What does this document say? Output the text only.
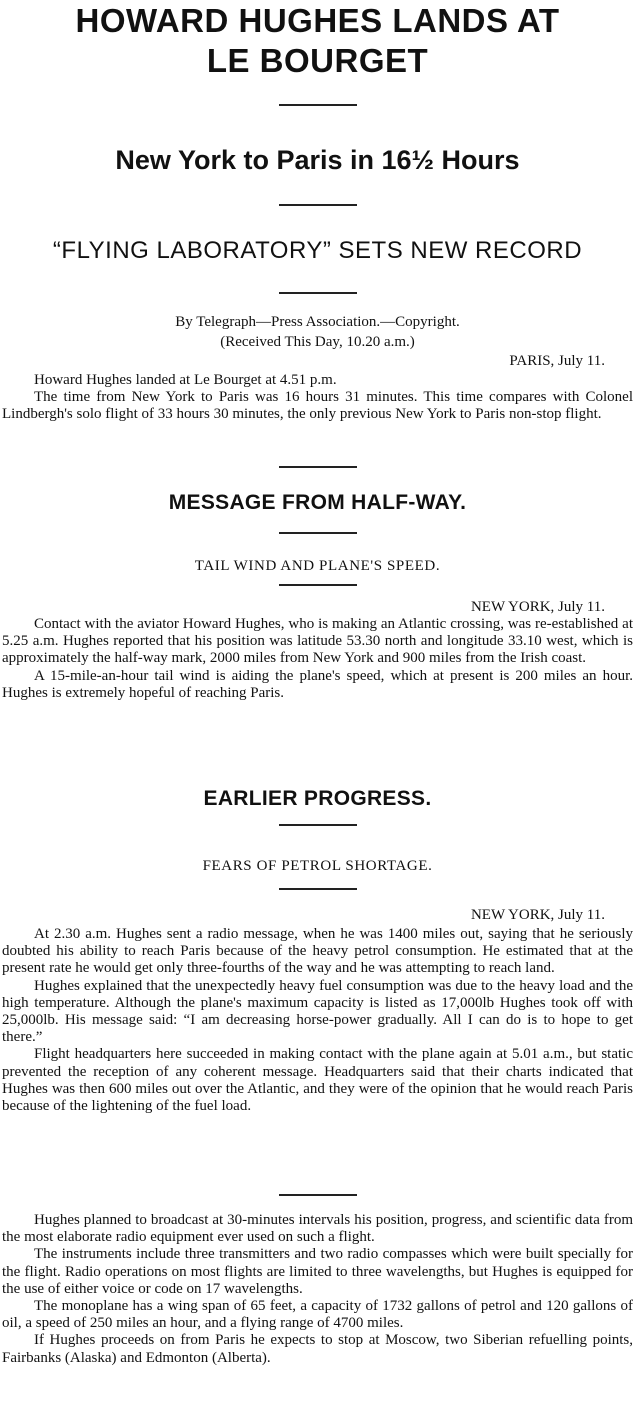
HOWARD HUGHES LANDS AT
LE BOURGET
New York to Paris in 16½ Hours
“FLYING LABORATORY” SETS NEW RECORD

By Telegraph—Press Association.—Copyright.

(Received This Day, 10.20 a.m.)

PARIS, July 11.

Howard Hughes landed at Le Bourget at 4.51 p.m.

The time from New York to Paris was 16 hours 31 minutes. This time compares with Colonel Lindbergh's solo flight of 33 hours 30 minutes, the only previous New York to Paris non-stop flight.

MESSAGE FROM HALF-WAY.

TAIL WIND AND PLANE'S SPEED.

NEW YORK, July 11.

Contact with the aviator Howard Hughes, who is making an Atlantic crossing, was re-established at 5.25 a.m. Hughes reported that his position was latitude 53.30 north and longitude 33.10 west, which is approximately the half-way mark, 2000 miles from New York and 900 miles from the Irish coast.

A 15-mile-an-hour tail wind is aiding the plane's speed, which at present is 200 miles an hour. Hughes is extremely hopeful of reaching Paris.

EARLIER PROGRESS.

FEARS OF PETROL SHORTAGE.

NEW YORK, July 11.

At 2.30 a.m. Hughes sent a radio message, when he was 1400 miles out, saying that he seriously doubted his ability to reach Paris because of the heavy petrol consumption. He estimated that at the present rate he would get only three-fourths of the way and he was attempting to reach land.

Hughes explained that the unexpectedly heavy fuel consumption was due to the heavy load and the high temperature. Although the plane's maximum capacity is listed as 17,000lb Hughes took off with 25,000lb. His message said: “I am decreasing horse-power gradually. All I can do is to hope to get there.”

Flight headquarters here succeeded in making contact with the plane again at 5.01 a.m., but static prevented the reception of any coherent message. Headquarters said that their charts indicated that Hughes was then 600 miles out over the Atlantic, and they were of the opinion that he would reach Paris because of the lightening of the fuel load.

Hughes planned to broadcast at 30-minutes intervals his position, progress, and scientific data from the most elaborate radio equipment ever used on such a flight.

The instruments include three transmitters and two radio compasses which were built specially for the flight. Radio operations on most flights are limited to three wavelengths, but Hughes is equipped for the use of either voice or code on 17 wavelengths.

The monoplane has a wing span of 65 feet, a capacity of 1732 gallons of petrol and 120 gallons of oil, a speed of 250 miles an hour, and a flying range of 4700 miles.

If Hughes proceeds on from Paris he expects to stop at Moscow, two Siberian refuelling points, Fairbanks (Alaska) and Edmonton (Alberta).
